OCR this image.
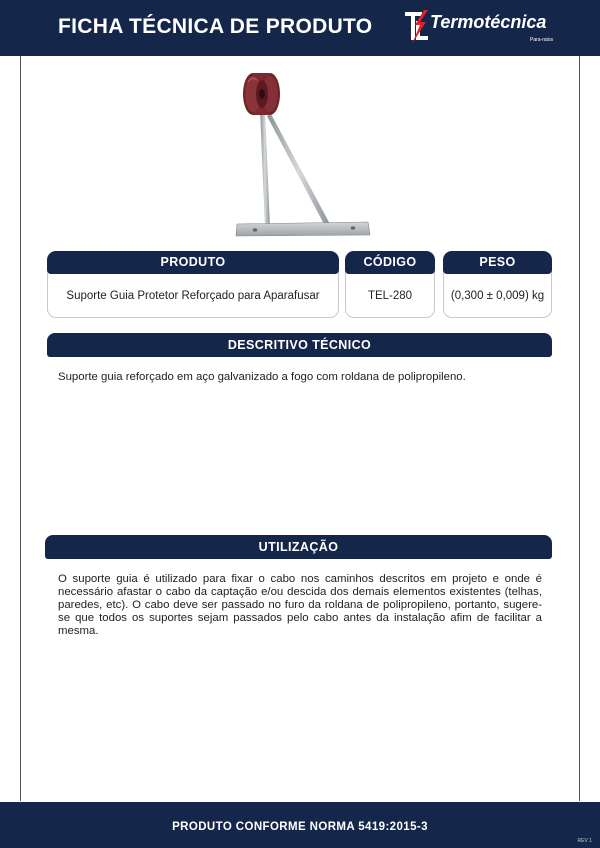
FICHA TÉCNICA DE PRODUTO	Termotécnica
Para-raios
PRODUTO
Suporte Guia Protetor Reforçado para Aparafusar
CÓDIGO
TEL-280
PESO
(0,300 ± 0,009) kg
DESCRITIVO TÉCNICO
Suporte guia reforçado em aço galvanizado a fogo com roldana de polipropileno.
UTILIZAÇÃO
O suporte guia é utilizado para fixar o cabo nos caminhos descritos em projeto e onde é necessário afastar o cabo da captação e/ou descida dos demais elementos existentes (telhas, paredes, etc). O cabo deve ser passado no furo da roldana de polipropileno, portanto, sugere-se que todos os suportes sejam passados pelo cabo antes da instalação afim de facilitar a mesma.
PRODUTO CONFORME NORMA 5419:2015-3
REV 1
